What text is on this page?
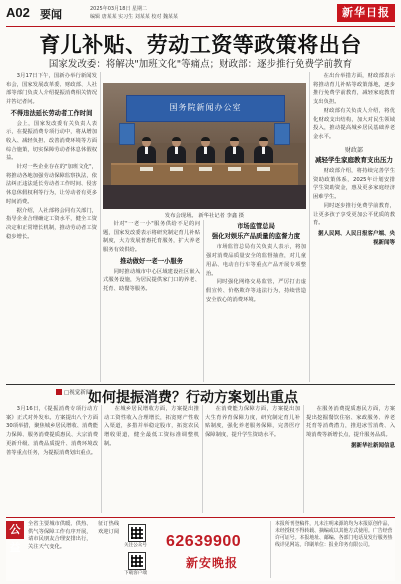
A02 要闻	2025年03月18日 星期二
编辑 唐某某 实习生 刘某某 校对 魏某某	新华日报
育儿补贴、劳动工资等政策将出台
国家发改委：将解决"加班文化"等痛点；财政部：逐步推行免费学前教育

3月17日下午，国新办举行新闻发布会，国家发展改革委、财政部、人社部等部门负责人介绍提振消费相关情况并答记者问。

不得违法延长劳动者工作时间

会上，国家发改委有关负责人表示，在提振消费专项行动中，将从增加收入、减轻负担、改善消费环境等方面综合施策，切实保障劳动者休息休假权益。

针对一些企业存在的"加班文化"，将推动各地加强劳动保障监察执法，依法纠正违法延长劳动者工作时间、侵害休息休假权利等行为，让劳动者有更多时间消费。

据介绍，人社部将会同有关部门，指导企业合理确定工资水平，健全工资决定和正常增长机制，推动劳动者工资稳步增长。

国务院新闻办公室
发布会现场。 新华社记者 李鑫 摄

针对"一老一小"服务供给不足的问题，国家发改委表示将研究制定育儿补贴制度，大力发展普惠托育服务，扩大养老服务有效供给。

推动做好一老一小服务

同时推动城市中心区域建设社区嵌入式服务设施，为居民提供家门口的养老、托育、助餐等服务。

市场监管总局
强化对娱乐产品质量的监督力度

市场监管总局有关负责人表示，将加强对消费品质量安全的监督抽查，对儿童用品、电动自行车等重点产品开展专项整治。

同时强化网络交易监管，严厉打击虚假宣传、价格欺诈等违法行为，持续营造安全放心的消费环境。

在出台举措方面，财政部表示将推动育儿补贴等政策落地，逐步推行免费学前教育，减轻家庭教育支出负担。

财政部有关负责人介绍，将优化财政支出结构，加大对民生领域投入，推动提高城乡居民基础养老金水平。

财政部
减轻学生家庭教育支出压力

财政部介绍，将持续完善学生资助政策体系，2025年计划安排学生资助资金，惠及更多家庭经济困难学生。

同时逐步推行免费学前教育，让更多孩子享受更加公平优质的教育。

据人民网、人民日报客户端、央视新闻等
□视觉新闻
如何提振消费？行动方案划出重点

3月16日，《提振消费专项行动方案》正式对外发布。方案提出八个方面30项举措，聚焦城乡居民增收、消费能力保障、服务消费提质惠民、大宗消费更新升级、消费品质提升、消费环境改善等重点任务，为提振消费划出重点。

在城乡居民增收方面，方案提出推动工资性收入合理增长，拓宽财产性收入渠道，多措并举稳定股市，拓宽农民增收渠道，健全最低工资标准调整机制。

在消费能力保障方面，方案提出加大生育养育保障力度，研究制定育儿补贴制度，强化养老服务保障，完善医疗保障制度，提升学生资助水平。

在服务消费提质惠民方面，方案提出挖掘餐饮住宿、家政服务、养老托育等消费潜力，推进冰雪消费、入境消费等新增长点，提升服务品质。

据新华社新闻信息
公益
全省主要城市供暖、供热、供气等保障工作有序开展，请市民朋友合理安排出行，关注天气变化。
征订热线 欢迎订阅
关注公众号
下载客户端
62639900
新安晚报
本报所刊登稿件，凡未注明来源的均为本报原创作品，未经授权不得转载、摘编或以其他方式使用。广告经营许可证号。本报地址、邮编、各部门电话及发行服务热线详见网站。印刷单位：报业印务有限公司。
